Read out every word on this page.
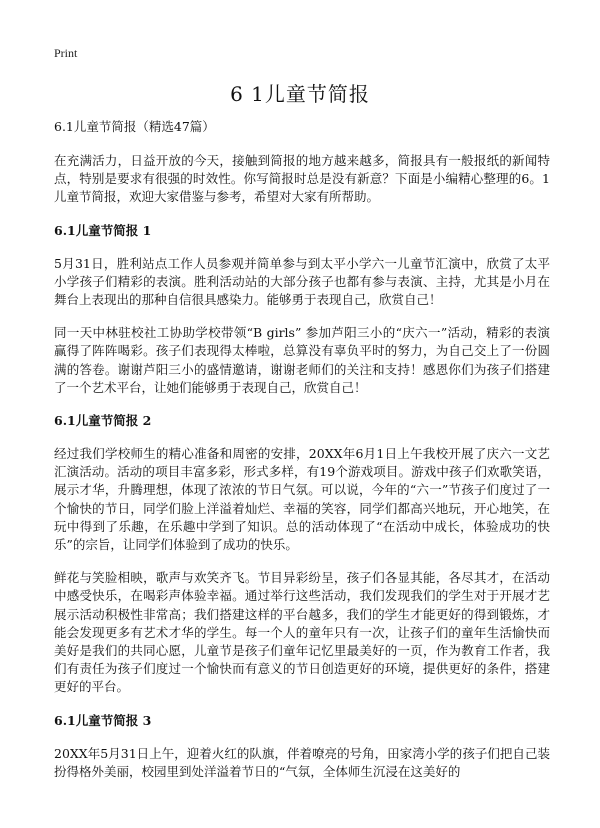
Print
6 1儿童节简报
6.1儿童节简报（精选47篇）
在充满活力，日益开放的今天，接触到简报的地方越来越多，简报具有一般报纸的新闻特点，特别是要求有很强的时效性。你写简报时总是没有新意？下面是小编精心整理的6。1儿童节简报，欢迎大家借鉴与参考，希望对大家有所帮助。
6.1儿童节简报 1
5月31日，胜利站点工作人员参观并简单参与到太平小学六一儿童节汇演中，欣赏了太平小学孩子们精彩的表演。胜利活动站的大部分孩子也都有参与表演、主持，尤其是小月在舞台上表现出的那种自信很具感染力。能够勇于表现自己，欣赏自己！
同一天中林驻校社工协助学校带领“B girls” 参加芦阳三小的“庆六一”活动，精彩的表演赢得了阵阵喝彩。孩子们表现得太棒啦，总算没有辜负平时的努力，为自己交上了一份圆满的答卷。谢谢芦阳三小的盛情邀请，谢谢老师们的关注和支持！感恩你们为孩子们搭建了一个艺术平台，让她们能够勇于表现自己，欣赏自己！
6.1儿童节简报 2
经过我们学校师生的精心准备和周密的安排，20XX年6月1日上午我校开展了庆六一文艺汇演活动。活动的项目丰富多彩，形式多样，有19个游戏项目。游戏中孩子们欢歌笑语，展示才华，升腾理想，体现了浓浓的节日气氛。可以说，今年的“六一”节孩子们度过了一个愉快的节日，同学们脸上洋溢着灿烂、幸福的笑容，同学们都高兴地玩，开心地笑，在玩中得到了乐趣，在乐趣中学到了知识。总的活动体现了“在活动中成长，体验成功的快乐”的宗旨，让同学们体验到了成功的快乐。
鲜花与笑脸相映，歌声与欢笑齐飞。节目异彩纷呈，孩子们各显其能，各尽其才，在活动中感受快乐，在喝彩声体验幸福。通过举行这些活动，我们发现我们的学生对于开展才艺展示活动积极性非常高；我们搭建这样的平台越多，我们的学生才能更好的得到锻炼，才能会发现更多有艺术才华的学生。每一个人的童年只有一次，让孩子们的童年生活愉快而美好是我们的共同心愿，儿童节是孩子们童年记忆里最美好的一页，作为教育工作者，我们有责任为孩子们度过一个愉快而有意义的节日创造更好的环境，提供更好的条件，搭建更好的平台。
6.1儿童节简报 3
20XX年5月31日上午，迎着火红的队旗，伴着嘹亮的号角，田家湾小学的孩子们把自己装扮得格外美丽，校园里到处洋溢着节日的“气氛，全体师生沉浸在这美好的
